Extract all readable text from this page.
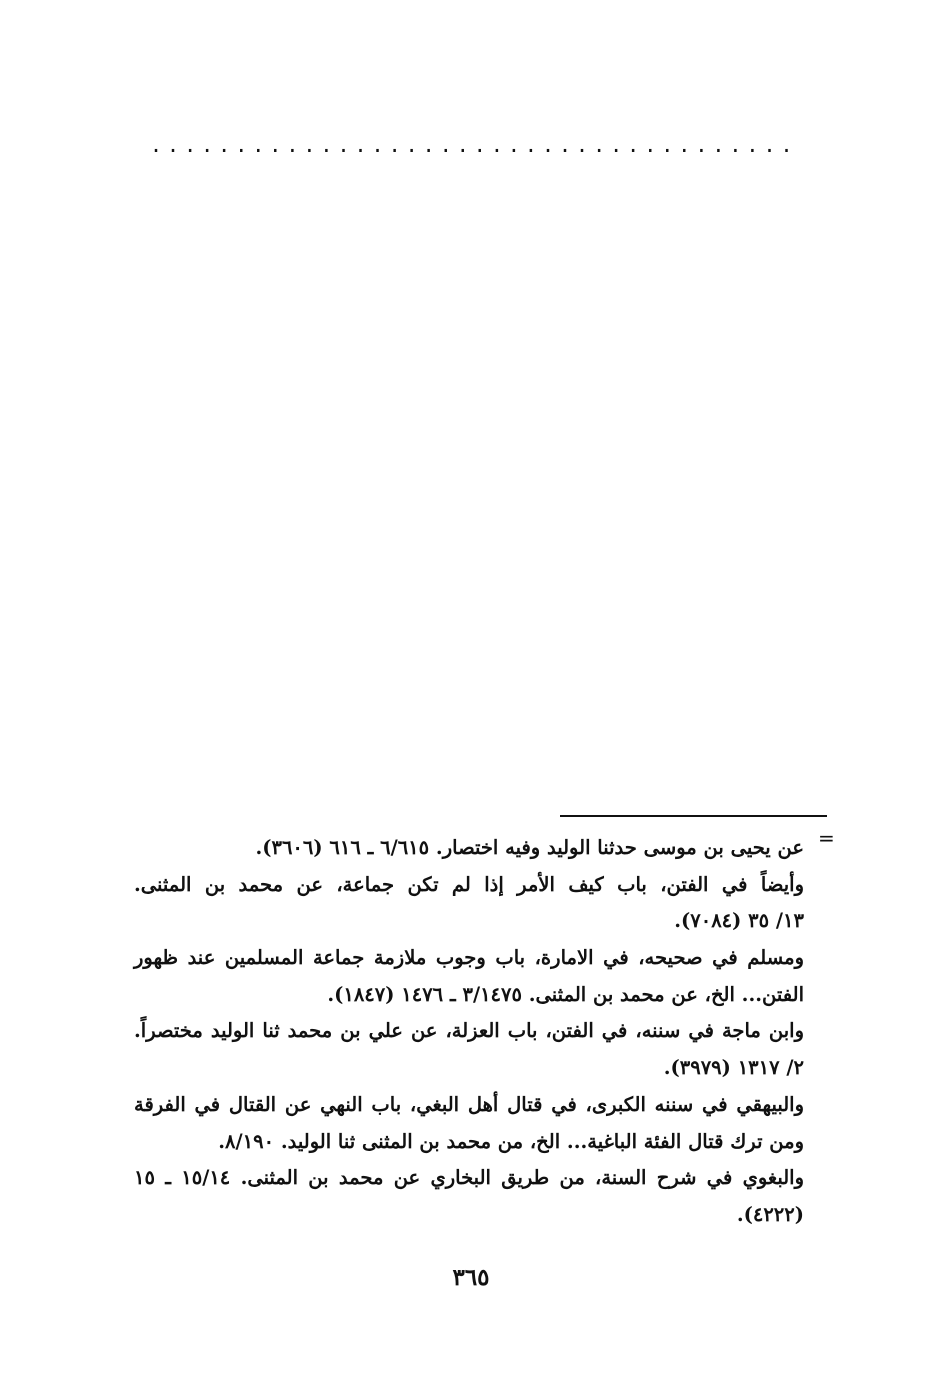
......................................
=
عن يحيى بن موسى حدثنا الوليد وفيه اختصار. ٦/٦١٥ ـ ٦١٦ (٣٦٠٦).
وأيضاً في الفتن، باب كيف الأمر إذا لم تكن جماعة، عن محمد بن المثنى.
١٣/ ٣٥ (٧٠٨٤).
ومسلم في صحيحه، في الامارة، باب وجوب ملازمة جماعة المسلمين عند ظهور
الفتن... الخ، عن محمد بن المثنى. ٣/١٤٧٥ ـ ١٤٧٦ (١٨٤٧).
وابن ماجة في سننه، في الفتن، باب العزلة، عن علي بن محمد ثنا الوليد مختصراً.
٢/ ١٣١٧ (٣٩٧٩).
والبيهقي في سننه الكبرى، في قتال أهل البغي، باب النهي عن القتال في الفرقة
ومن ترك قتال الفئة الباغية... الخ، من محمد بن المثنى ثنا الوليد. ٨/١٩٠.
والبغوي في شرح السنة، من طريق البخاري عن محمد بن المثنى. ١٥/١٤ ـ ١٥
(٤٢٢٢).
٣٦٥
